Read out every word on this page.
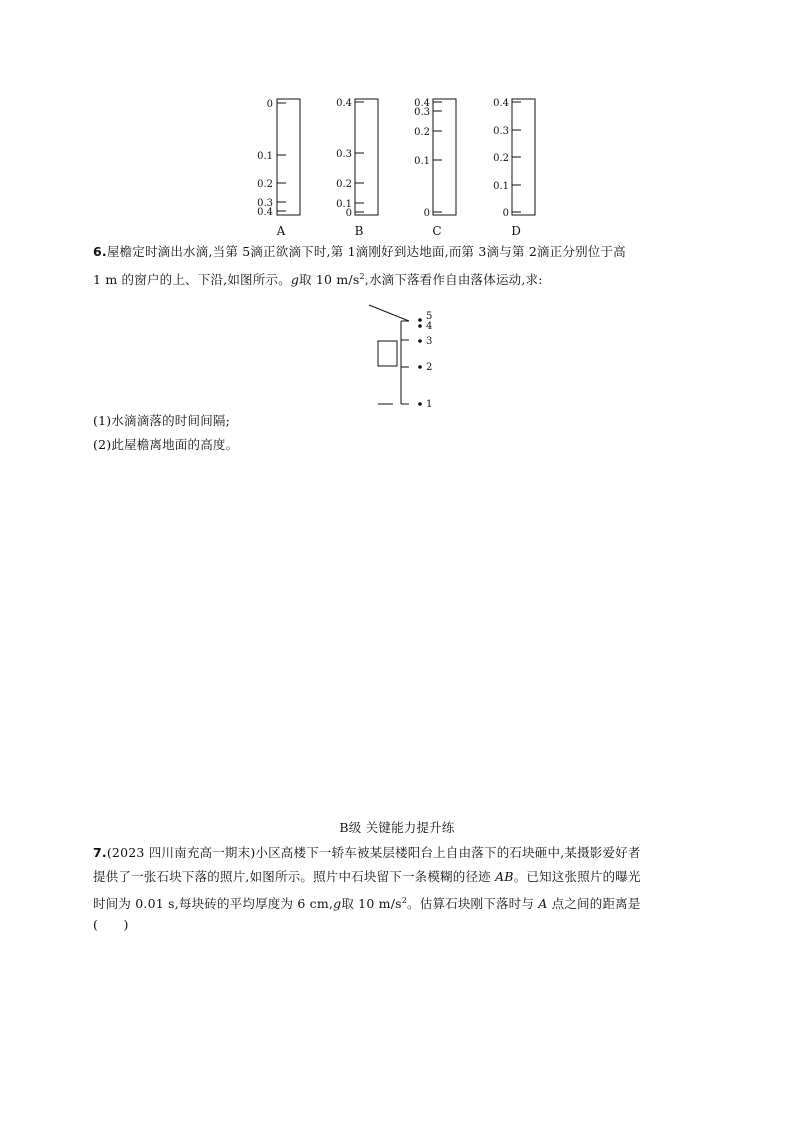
0
0.1
0.2
0.3
0.4
0.4
0.3
0.2
0.1
0
0.4
0.3
0.2
0.1
0
0.4
0.3
0.2
0.1
0
A	B	C	D
6.屋檐定时滴出水滴,当第 5滴正欲滴下时,第 1滴刚好到达地面,而第 3滴与第 2滴正分别位于高
1 m 的窗户的上、下沿,如图所示。g取 10 $m/s^2$,水滴下落看作自由落体运动,求:
5
4
3
2
1
(1)水滴滴落的时间间隔;
(2)此屋檐离地面的高度。
B级 关键能力提升练
7.(2023 四川南充高一期末)小区高楼下一轿车被某层楼阳台上自由落下的石块砸中,某摄影爱好者
提供了一张石块下落的照片,如图所示。照片中石块留下一条模糊的径迹 AB。已知这张照片的曝光
时间为 0.01 s,每块砖的平均厚度为 6 cm,g取 10 $m/s^2$。估算石块刚下落时与 A 点之间的距离是
(　　)
